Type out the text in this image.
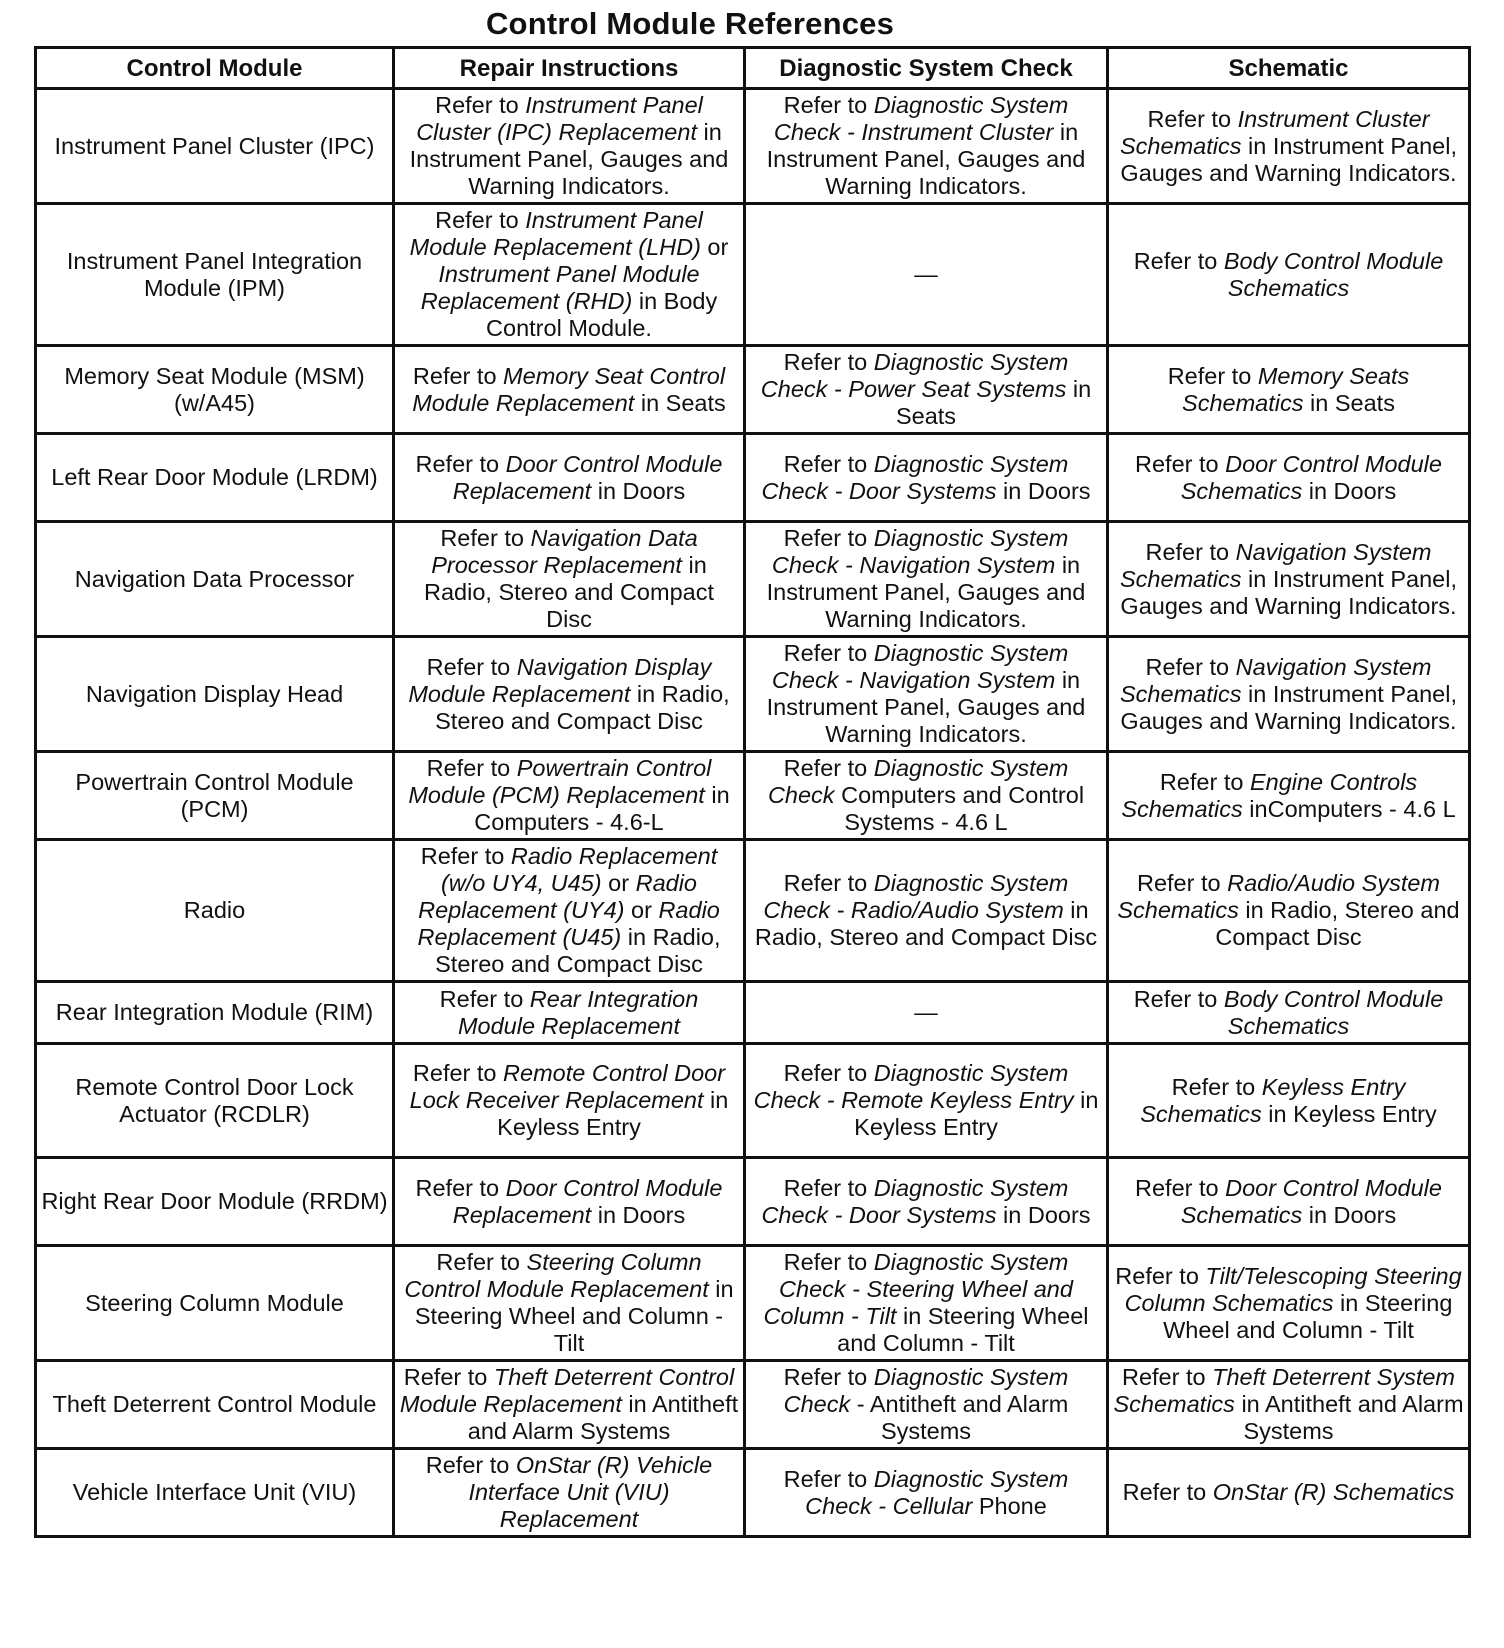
Control Module References
Control Module	Repair Instructions	Diagnostic System Check	Schematic
Instrument Panel Cluster (IPC)	Refer to Instrument Panel Cluster (IPC) Replacement in Instrument Panel, Gauges and Warning Indicators.	Refer to Diagnostic System Check - Instrument Cluster in Instrument Panel, Gauges and Warning Indicators.	Refer to Instrument Cluster Schematics in Instrument Panel, Gauges and Warning Indicators.
Instrument Panel Integration Module (IPM)	Refer to Instrument Panel Module Replacement (LHD) or Instrument Panel Module Replacement (RHD) in Body Control Module.	—	Refer to Body Control Module Schematics
Memory Seat Module (MSM) (w/A45)	Refer to Memory Seat Control Module Replacement in Seats	Refer to Diagnostic System Check - Power Seat Systems in Seats	Refer to Memory Seats Schematics in Seats
Left Rear Door Module (LRDM)	Refer to Door Control Module Replacement in Doors	Refer to Diagnostic System Check - Door Systems in Doors	Refer to Door Control Module Schematics in Doors
Navigation Data Processor	Refer to Navigation Data Processor Replacement in Radio, Stereo and Compact Disc	Refer to Diagnostic System Check - Navigation System in Instrument Panel, Gauges and Warning Indicators.	Refer to Navigation System Schematics in Instrument Panel, Gauges and Warning Indicators.
Navigation Display Head	Refer to Navigation Display Module Replacement in Radio, Stereo and Compact Disc	Refer to Diagnostic System Check - Navigation System in Instrument Panel, Gauges and Warning Indicators.	Refer to Navigation System Schematics in Instrument Panel, Gauges and Warning Indicators.
Powertrain Control Module (PCM)	Refer to Powertrain Control Module (PCM) Replacement in Computers - 4.6-L	Refer to Diagnostic System Check Computers and Control Systems - 4.6 L	Refer to Engine Controls Schematics inComputers - 4.6 L
Radio	Refer to Radio Replacement (w/o UY4, U45) or Radio Replacement (UY4) or Radio Replacement (U45) in Radio, Stereo and Compact Disc	Refer to Diagnostic System Check - Radio/Audio System in Radio, Stereo and Compact Disc	Refer to Radio/Audio System Schematics in Radio, Stereo and Compact Disc
Rear Integration Module (RIM)	Refer to Rear Integration Module Replacement	—	Refer to Body Control Module Schematics
Remote Control Door Lock Actuator (RCDLR)	Refer to Remote Control Door Lock Receiver Replacement in Keyless Entry	Refer to Diagnostic System Check - Remote Keyless Entry in Keyless Entry	Refer to Keyless Entry Schematics in Keyless Entry
Right Rear Door Module (RRDM)	Refer to Door Control Module Replacement in Doors	Refer to Diagnostic System Check - Door Systems in Doors	Refer to Door Control Module Schematics in Doors
Steering Column Module	Refer to Steering Column Control Module Replacement in Steering Wheel and Column - Tilt	Refer to Diagnostic System Check - Steering Wheel and Column - Tilt in Steering Wheel and Column - Tilt	Refer to Tilt/Telescoping Steering Column Schematics in Steering Wheel and Column - Tilt
Theft Deterrent Control Module	Refer to Theft Deterrent Control Module Replacement in Antitheft and Alarm Systems	Refer to Diagnostic System Check - Antitheft and Alarm Systems	Refer to Theft Deterrent System Schematics in Antitheft and Alarm Systems
Vehicle Interface Unit (VIU)	Refer to OnStar (R) Vehicle Interface Unit (VIU) Replacement	Refer to Diagnostic System Check - Cellular Phone	Refer to OnStar (R) Schematics
